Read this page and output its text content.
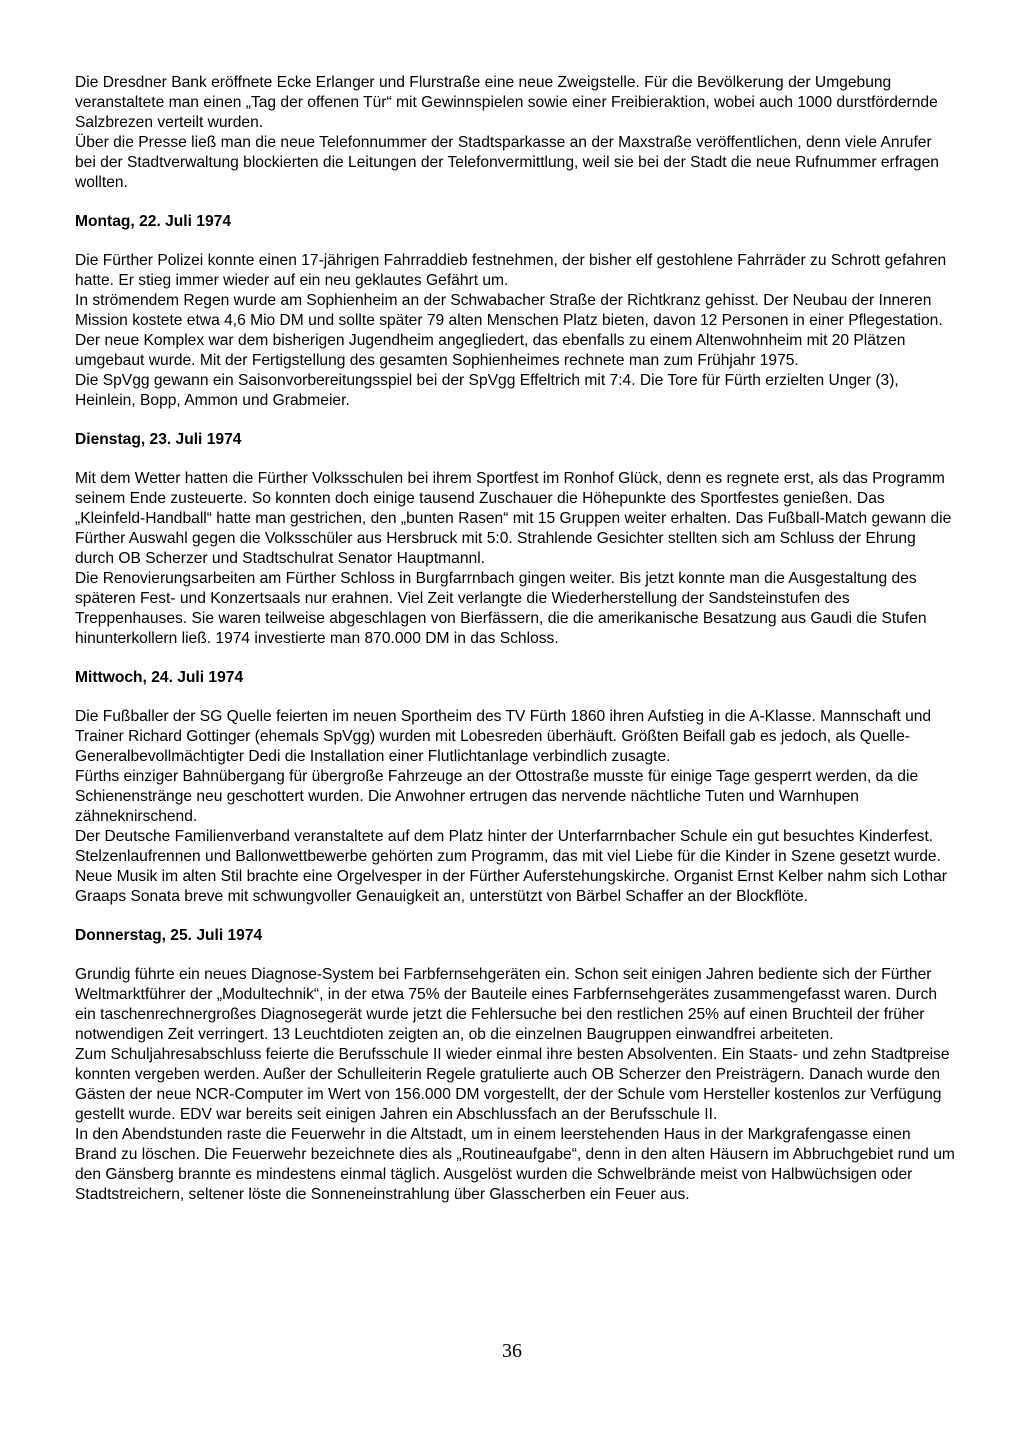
Die Dresdner Bank eröffnete Ecke Erlanger und Flurstraße eine neue Zweigstelle. Für die Bevölkerung der Umgebung veranstaltete man einen „Tag der offenen Tür“ mit Gewinnspielen sowie einer Freibieraktion, wobei auch 1000 durstfördernde Salzbrezen verteilt wurden.

Über die Presse ließ man die neue Telefonnummer der Stadtsparkasse an der Maxstraße veröffentlichen, denn viele Anrufer bei der Stadtverwaltung blockierten die Leitungen der Telefonvermittlung, weil sie bei der Stadt die neue Rufnummer erfragen wollten.

Montag, 22. Juli 1974

Die Fürther Polizei konnte einen 17-jährigen Fahrraddieb festnehmen, der bisher elf gestohlene Fahrräder zu Schrott gefahren hatte. Er stieg immer wieder auf ein neu geklautes Gefährt um.

In strömendem Regen wurde am Sophienheim an der Schwabacher Straße der Richtkranz gehisst. Der Neubau der Inneren Mission kostete etwa 4,6 Mio DM und sollte später 79 alten Menschen Platz bieten, davon 12 Personen in einer Pflegestation. Der neue Komplex war dem bisherigen Jugendheim angegliedert, das ebenfalls zu einem Altenwohnheim mit 20 Plätzen umgebaut wurde. Mit der Fertigstellung des gesamten Sophienheimes rechnete man zum Frühjahr 1975.

Die SpVgg gewann ein Saisonvorbereitungsspiel bei der SpVgg Effeltrich mit 7:4. Die Tore für Fürth erzielten Unger (3), Heinlein, Bopp, Ammon und Grabmeier.

Dienstag, 23. Juli 1974

Mit dem Wetter hatten die Fürther Volksschulen bei ihrem Sportfest im Ronhof Glück, denn es regnete erst, als das Programm seinem Ende zusteuerte. So konnten doch einige tausend Zuschauer die Höhepunkte des Sportfestes genießen. Das „Kleinfeld-Handball“ hatte man gestrichen, den „bunten Rasen“ mit 15 Gruppen weiter erhalten. Das Fußball-Match gewann die Fürther Auswahl gegen die Volksschüler aus Hersbruck mit 5:0. Strahlende Gesichter stellten sich am Schluss der Ehrung durch OB Scherzer und Stadtschulrat Senator Hauptmannl.

Die Renovierungsarbeiten am Fürther Schloss in Burgfarrnbach gingen weiter. Bis jetzt konnte man die Ausgestaltung des späteren Fest- und Konzertsaals nur erahnen. Viel Zeit verlangte die Wiederherstellung der Sandsteinstufen des Treppenhauses. Sie waren teilweise abgeschlagen von Bierfässern, die die amerikanische Besatzung aus Gaudi die Stufen hinunterkollern ließ. 1974 investierte man 870.000 DM in das Schloss.

Mittwoch, 24. Juli 1974

Die Fußballer der SG Quelle feierten im neuen Sportheim des TV Fürth 1860 ihren Aufstieg in die A-Klasse. Mannschaft und Trainer Richard Gottinger (ehemals SpVgg) wurden mit Lobesreden überhäuft. Größten Beifall gab es jedoch, als Quelle-Generalbevollmächtigter Dedi die Installation einer Flutlichtanlage verbindlich zusagte.

Fürths einziger Bahnübergang für übergroße Fahrzeuge an der Ottostraße musste für einige Tage gesperrt werden, da die Schienenstränge neu geschottert wurden. Die Anwohner ertrugen das nervende nächtliche Tuten und Warnhupen zähneknirschend.

Der Deutsche Familienverband veranstaltete auf dem Platz hinter der Unterfarrnbacher Schule ein gut besuchtes Kinderfest. Stelzenlaufrennen und Ballonwettbewerbe gehörten zum Programm, das mit viel Liebe für die Kinder in Szene gesetzt wurde.

Neue Musik im alten Stil brachte eine Orgelvesper in der Fürther Auferstehungskirche. Organist Ernst Kelber nahm sich Lothar Graaps Sonata breve mit schwungvoller Genauigkeit an, unterstützt von Bärbel Schaffer an der Blockflöte.

Donnerstag, 25. Juli 1974

Grundig führte ein neues Diagnose-System bei Farbfernsehgeräten ein. Schon seit einigen Jahren bediente sich der Fürther Weltmarktführer der „Modultechnik“, in der etwa 75% der Bauteile eines Farbfernsehgerätes zusammengefasst waren. Durch ein taschenrechnergroßes Diagnosegerät wurde jetzt die Fehlersuche bei den restlichen 25% auf einen Bruchteil der früher notwendigen Zeit verringert. 13 Leuchtdioten zeigten an, ob die einzelnen Baugruppen einwandfrei arbeiteten.

Zum Schuljahresabschluss feierte die Berufsschule II wieder einmal ihre besten Absolventen. Ein Staats- und zehn Stadtpreise konnten vergeben werden. Außer der Schulleiterin Regele gratulierte auch OB Scherzer den Preisträgern. Danach wurde den Gästen der neue NCR-Computer im Wert von 156.000 DM vorgestellt, der der Schule vom Hersteller kostenlos zur Verfügung gestellt wurde. EDV war bereits seit einigen Jahren ein Abschlussfach an der Berufsschule II.

In den Abendstunden raste die Feuerwehr in die Altstadt, um in einem leerstehenden Haus in der Markgrafengasse einen Brand zu löschen. Die Feuerwehr bezeichnete dies als „Routineaufgabe“, denn in den alten Häusern im Abbruchgebiet rund um den Gänsberg brannte es mindestens einmal täglich. Ausgelöst wurden die Schwelbrände meist von Halbwüchsigen oder Stadtstreichern, seltener löste die Sonneneinstrahlung über Glasscherben ein Feuer aus.

36
